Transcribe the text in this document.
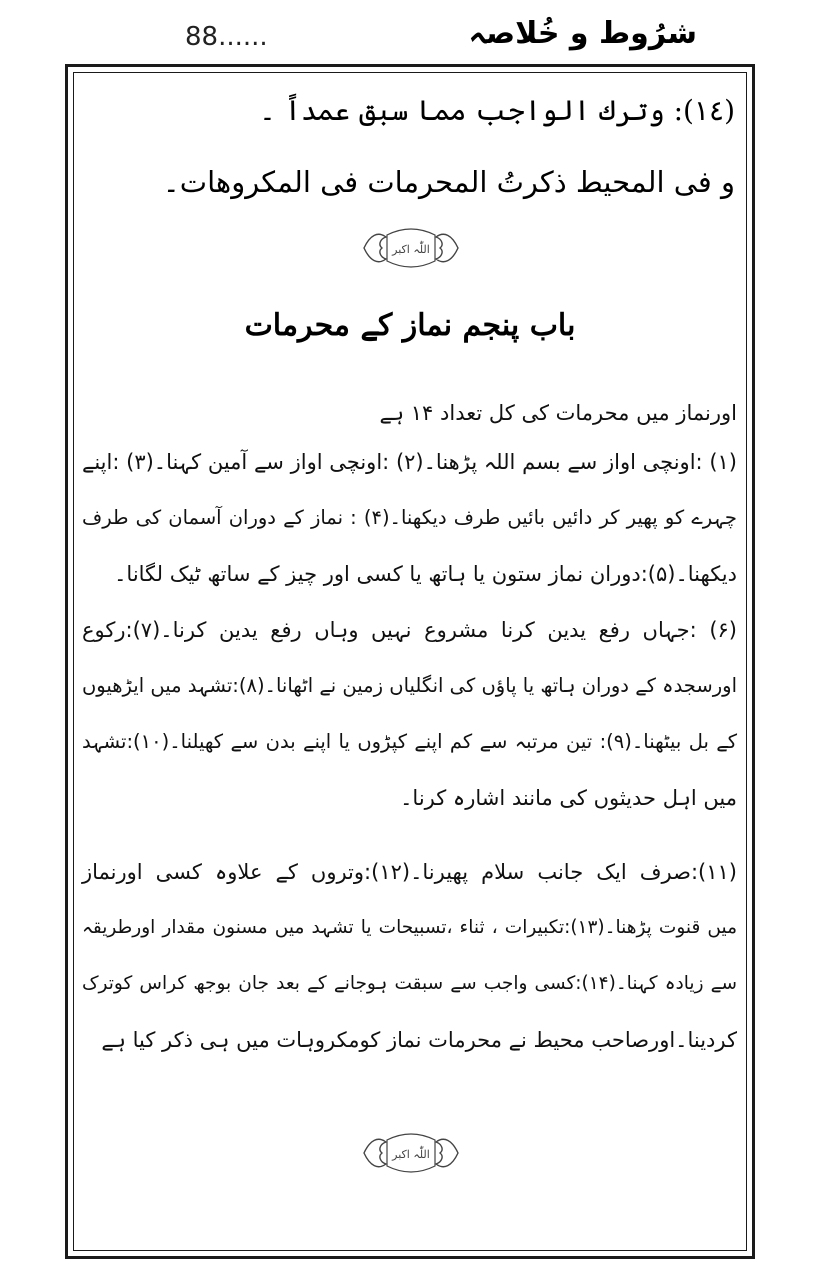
88......	شرُوط و خُلاصہ
(١٤): وترك الواجب مما سبق عمداً ۔
و فی المحیط ذکرتُ المحرمات فی المکروھات۔
اللّٰہ اکبر
باب پنجم نماز کے محرمات
اورنماز میں محرمات کی کل تعداد ۱۴ ہے
(۱) :اونچی اواز سے بسم اللہ پڑھنا۔(۲) :اونچی اواز سے آمین کہنا۔(۳) :اپنے
چہرے کو پھیر کر دائیں بائیں طرف دیکھنا۔(۴) : نماز کے دوران آسمان کی طرف
دیکھنا۔(۵):دوران نماز ستون یا ہاتھ یا کسی اور چیز کے ساتھ ٹیک لگانا۔
(۶) :جہاں رفع یدین کرنا مشروع نہیں وہاں رفع یدین کرنا۔(۷):رکوع
اورسجدہ کے دوران ہاتھ یا پاؤں کی انگلیاں زمین نے اٹھانا۔(۸):تشہد میں ایڑھیوں
کے بل بیٹھنا۔(۹): تین مرتبہ سے کم اپنے کپڑوں یا اپنے بدن سے کھیلنا۔(۱۰):تشہد
میں اہل حدیثوں کی مانند اشارہ کرنا۔
(۱۱):صرف ایک جانب سلام پھیرنا۔(۱۲):وتروں کے علاوہ کسی اورنماز
میں قنوت پڑھنا۔(۱۳):تکبیرات ، ثناء ،تسبیحات یا تشہد میں مسنون مقدار اورطریقہ
سے زیادہ کہنا۔(۱۴):کسی واجب سے سبقت ہوجانے کے بعد جان بوجھ کراس کوترک
کردینا۔اورصاحب محیط نے محرمات نماز کومکروہات میں ہی ذکر کیا ہے
اللّٰہ اکبر
